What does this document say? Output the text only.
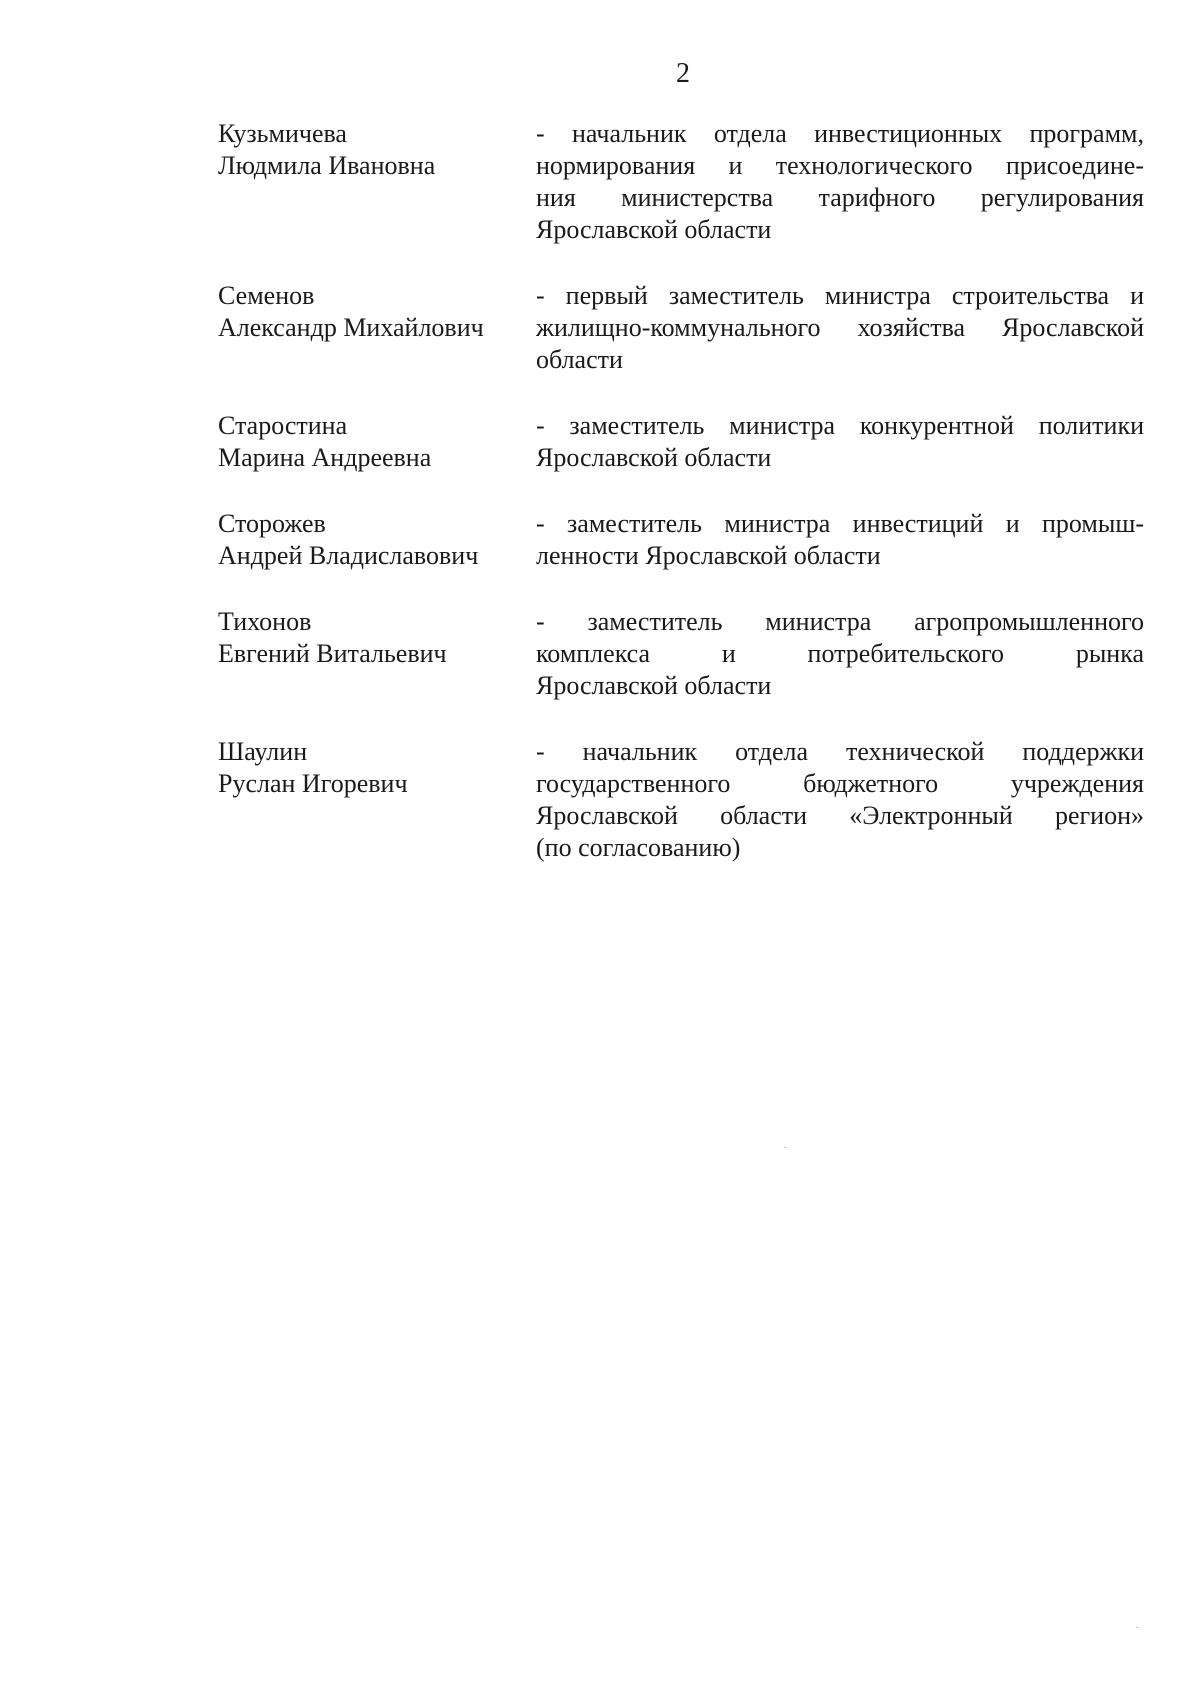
2
Кузьмичева
Людмила Ивановна
- начальник отдела инвестиционных программ,
нормирования и технологического присоедине-
ния министерства тарифного регулирования
Ярославской области
Семенов
Александр Михайлович
- первый заместитель министра строительства и
жилищно-коммунального хозяйства Ярославской
области
Старостина
Марина Андреевна
- заместитель министра конкурентной политики
Ярославской области
Сторожев
Андрей Владиславович
- заместитель министра инвестиций и промыш-
ленности Ярославской области
Тихонов
Евгений Витальевич
- заместитель министра агропромышленного
комплекса и потребительского рынка
Ярославской области
Шаулин
Руслан Игоревич
- начальник отдела технической поддержки
государственного бюджетного учреждения
Ярославской области «Электронный регион»
(по согласованию)
